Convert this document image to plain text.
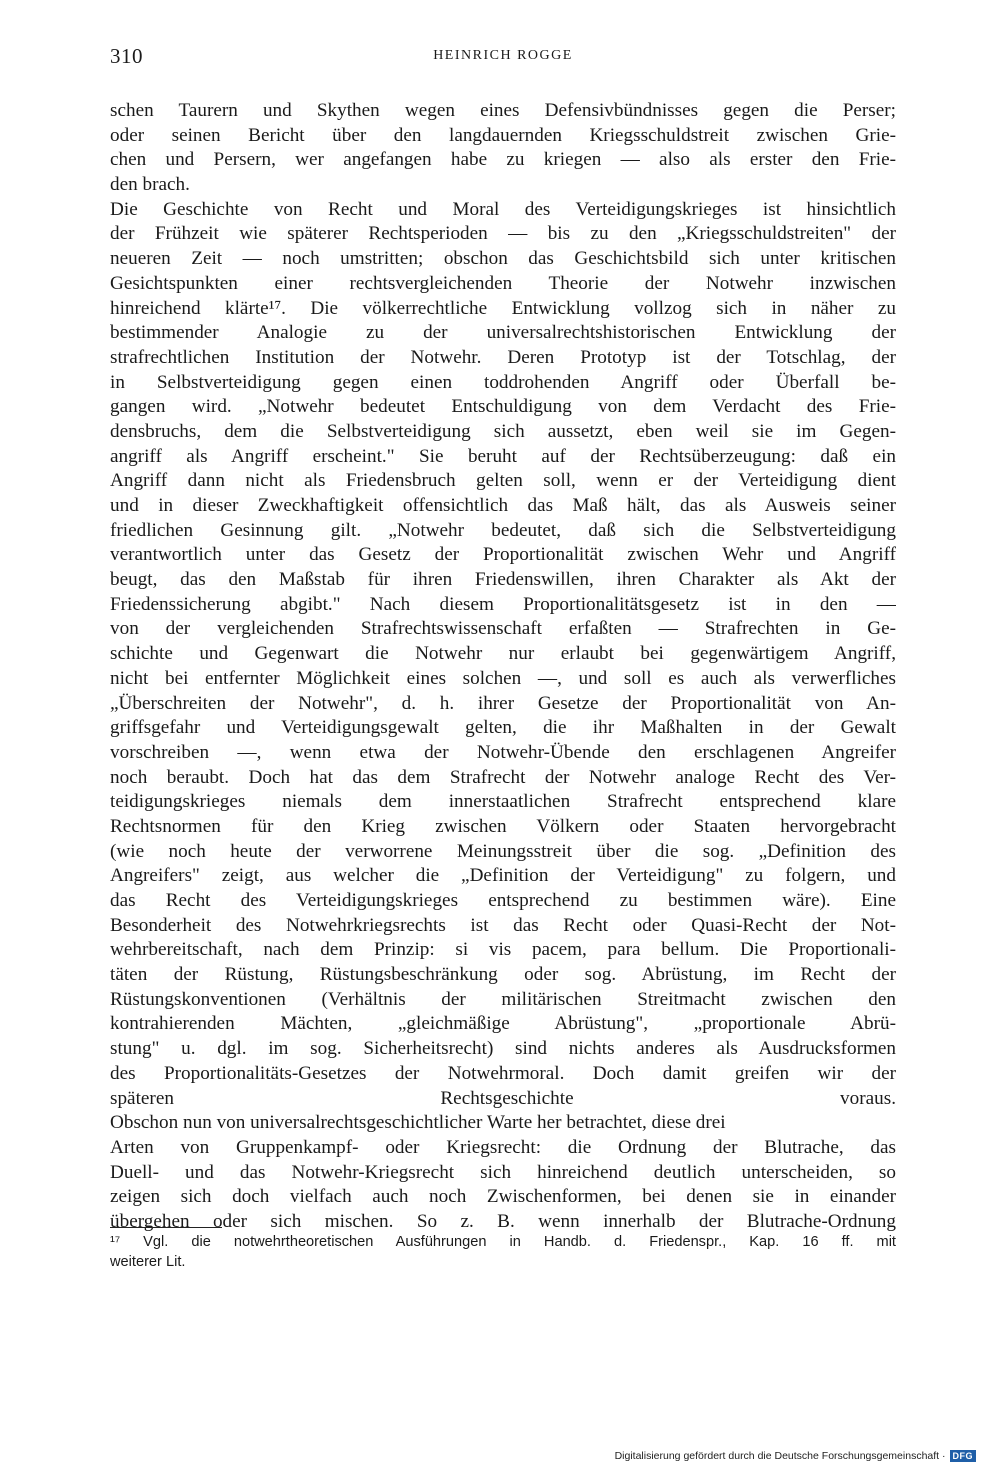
310	HEINRICH ROGGE
schen Taurern und Skythen wegen eines Defensivbündnisses gegen die Perser;
oder seinen Bericht über den langdauernden Kriegsschuldstreit zwischen Grie-
chen und Persern, wer angefangen habe zu kriegen — also als erster den Frie-
den brach.
Die Geschichte von Recht und Moral des Verteidigungskrieges ist hinsichtlich
der Frühzeit wie späterer Rechtsperioden — bis zu den „Kriegsschuldstreiten" der
neueren Zeit — noch umstritten; obschon das Geschichtsbild sich unter kritischen
Gesichtspunkten einer rechtsvergleichenden Theorie der Notwehr inzwischen
hinreichend klärte¹⁷. Die völkerrechtliche Entwicklung vollzog sich in näher zu
bestimmender Analogie zu der universalrechtshistorischen Entwicklung der
strafrechtlichen Institution der Notwehr. Deren Prototyp ist der Totschlag, der
in Selbstverteidigung gegen einen toddrohenden Angriff oder Überfall be-
gangen wird. „Notwehr bedeutet Entschuldigung von dem Verdacht des Frie-
densbruchs, dem die Selbstverteidigung sich aussetzt, eben weil sie im Gegen-
angriff als Angriff erscheint." Sie beruht auf der Rechtsüberzeugung: daß ein
Angriff dann nicht als Friedensbruch gelten soll, wenn er der Verteidigung dient
und in dieser Zweckhaftigkeit offensichtlich das Maß hält, das als Ausweis seiner
friedlichen Gesinnung gilt. „Notwehr bedeutet, daß sich die Selbstverteidigung
verantwortlich unter das Gesetz der Proportionalität zwischen Wehr und Angriff
beugt, das den Maßstab für ihren Friedenswillen, ihren Charakter als Akt der
Friedenssicherung abgibt." Nach diesem Proportionalitätsgesetz ist in den —
von der vergleichenden Strafrechtswissenschaft erfaßten — Strafrechten in Ge-
schichte und Gegenwart die Notwehr nur erlaubt bei gegenwärtigem Angriff,
nicht bei entfernter Möglichkeit eines solchen —, und soll es auch als verwerfliches
„Überschreiten der Notwehr", d. h. ihrer Gesetze der Proportionalität von An-
griffsgefahr und Verteidigungsgewalt gelten, die ihr Maßhalten in der Gewalt
vorschreiben —, wenn etwa der Notwehr-Übende den erschlagenen Angreifer
noch beraubt. Doch hat das dem Strafrecht der Notwehr analoge Recht des Ver-
teidigungskrieges niemals dem innerstaatlichen Strafrecht entsprechend klare
Rechtsnormen für den Krieg zwischen Völkern oder Staaten hervorgebracht
(wie noch heute der verworrene Meinungsstreit über die sog. „Definition des
Angreifers" zeigt, aus welcher die „Definition der Verteidigung" zu folgern, und
das Recht des Verteidigungskrieges entsprechend zu bestimmen wäre). Eine
Besonderheit des Notwehrkriegsrechts ist das Recht oder Quasi-Recht der Not-
wehrbereitschaft, nach dem Prinzip: si vis pacem, para bellum. Die Proportionali-
täten der Rüstung, Rüstungsbeschränkung oder sog. Abrüstung, im Recht der
Rüstungskonventionen (Verhältnis der militärischen Streitmacht zwischen den
kontrahierenden Mächten, „gleichmäßige Abrüstung", „proportionale Abrü-
stung" u. dgl. im sog. Sicherheitsrecht) sind nichts anderes als Ausdrucksformen
des Proportionalitäts-Gesetzes der Notwehrmoral. Doch damit greifen wir der
späteren Rechtsgeschichte voraus.
Obschon nun von universalrechtsgeschichtlicher Warte her betrachtet, diese drei
Arten von Gruppenkampf- oder Kriegsrecht: die Ordnung der Blutrache, das
Duell- und das Notwehr-Kriegsrecht sich hinreichend deutlich unterscheiden, so
zeigen sich doch vielfach auch noch Zwischenformen, bei denen sie in einander
übergehen oder sich mischen. So z. B. wenn innerhalb der Blutrache-Ordnung
¹⁷ Vgl. die notwehrtheoretischen Ausführungen in Handb. d. Friedenspr., Kap. 16 ff. mit
weiterer Lit.
Digitalisierung gefördert durch die Deutsche Forschungsgemeinschaft · DFG
